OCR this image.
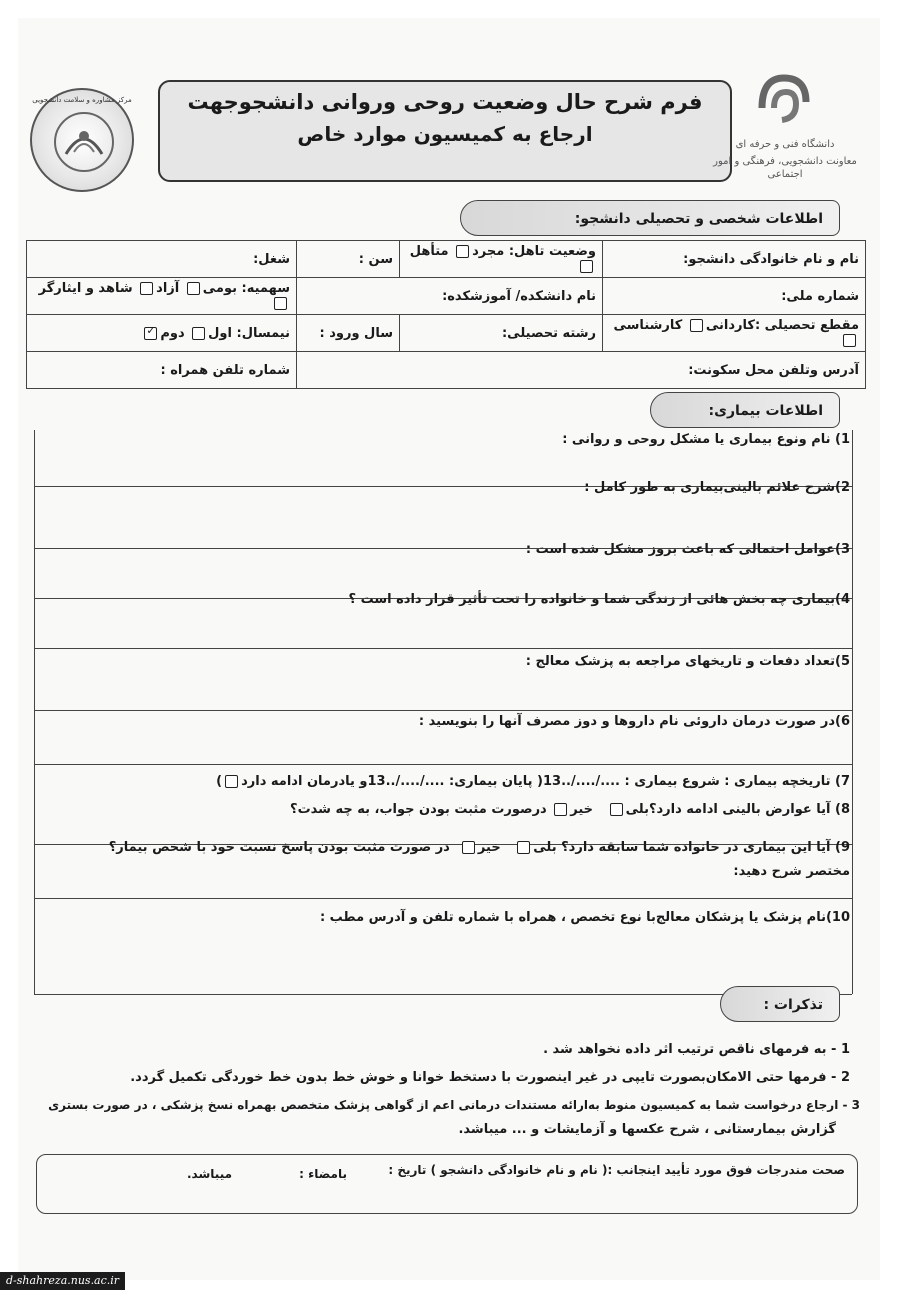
مرکز مشاوره و سلامت دانشجویی	فرم شرح حال وضعیت روحی وروانی دانشجوجهت
ارجاع به کمیسیون موارد خاص	دانشگاه فنی و حرفه ای
معاونت دانشجویی، فرهنگی و امور اجتماعی
اطلاعات شخصی و تحصیلی دانشجو:
نام و نام خانوادگی دانشجو:	وضعیت تاهل: مجرد متأهل	سن :	شغل:
شماره ملی:	نام دانشکده/ آموزشکده:		سهمیه: بومی آزاد شاهد و ایثارگر
مقطع تحصیلی :کاردانی کارشناسی	رشته تحصیلی:	سال ورود :	نیمسال: اول دوم✓
آدرس وتلفن محل سکونت:			شماره تلفن همراه :
اطلاعات بیماری:
1) نام ونوع بیماری یا مشکل روحی و روانی :
2)شرح علائم بالینی‌بیماری به طور کامل :
3)عوامل احتمالی که باعث بروز مشکل شده است :
4)بیماری چه بخش هائی از زندگی شما و خانواده را تحت تأثیر قرار داده است ؟
5)تعداد دفعات و تاریخهای مراجعه به پزشک معالج :
6)در صورت درمان داروئی نام داروها و دوز مصرف آنها را بنویسید :
7) تاریخچه بیماری : شروع بیماری : ..../..../..13( پایان بیماری: ..../..../..13و یادرمان ادامه دارد)
8) آیا عوارض بالینی ادامه دارد؟بلی   خیر درصورت مثبت بودن جواب، به چه شدت؟
9) آیا این بیماری در خانواده شما سابقه دارد؟ بلی   خیر  در صورت مثبت بودن پاسخ نسبت خود با شخص بیمار؟
مختصر شرح دهید:
10)نام پزشک یا پزشکان معالج‌با نوع تخصص ، همراه با شماره تلفن و آدرس مطب :
تذکرات :
1 - به فرمهای ناقص ترتیب اثر داده نخواهد شد .
2 - فرمها حتی الامکان‌بصورت تایپی در غیر اینصورت با دستخط خوانا و خوش خط بدون خط خوردگی تکمیل گردد.
3 - ارجاع درخواست شما به کمیسیون منوط به‌ارائه مستندات درمانی اعم از گواهی پزشک متخصص بهمراه نسخ پزشکی ، در صورت بستری
گزارش بیمارستانی ، شرح عکسها و آزمایشات و ... میباشد.
صحت مندرجات فوق مورد تأیید اینجانب :( نام و نام خانوادگی دانشجو ) تاریخ :
بامضاء :
میباشد.
d-shahreza.nus.ac.ir
